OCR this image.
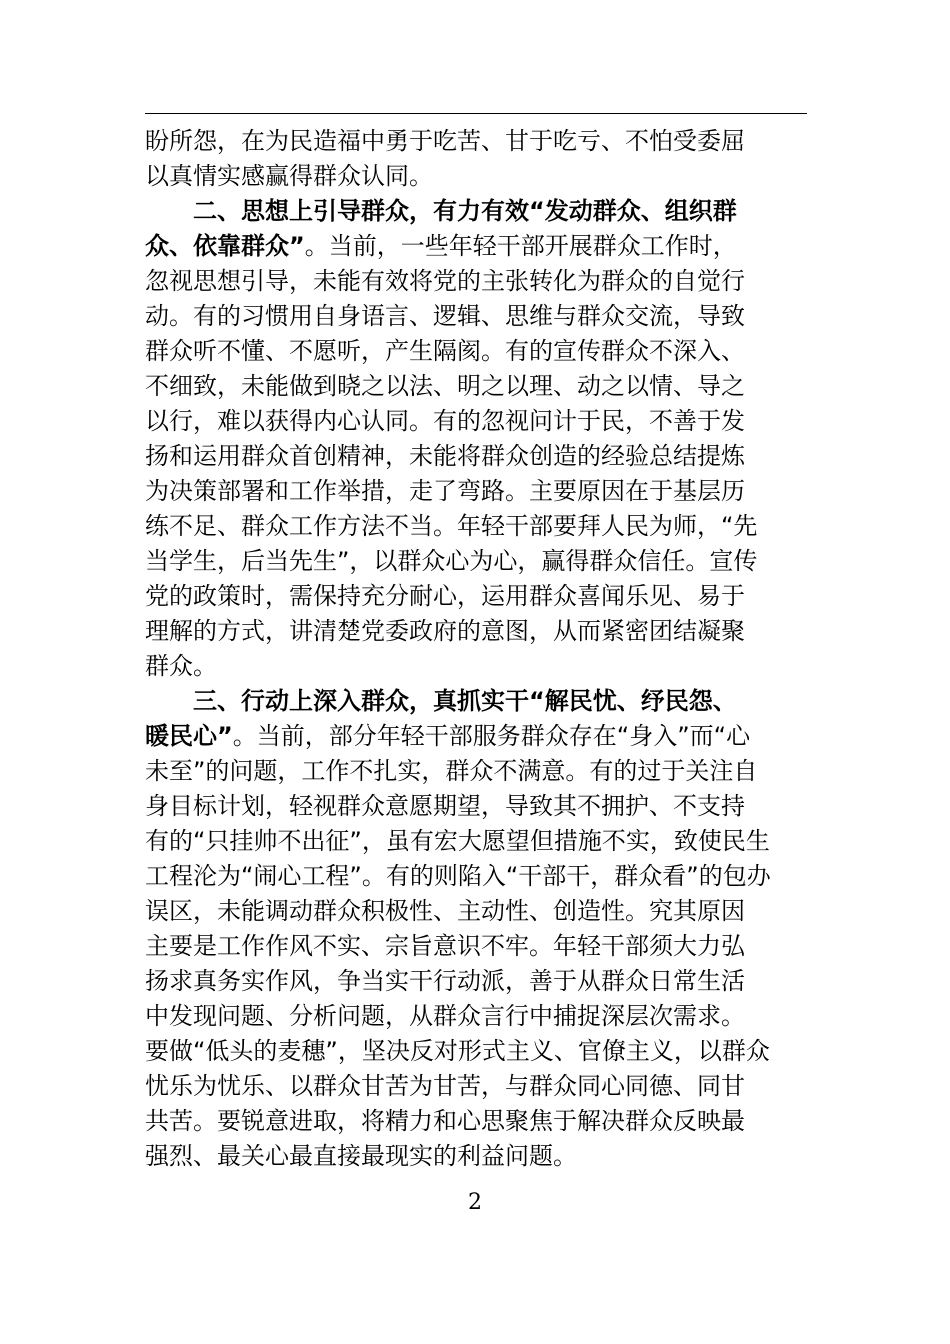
盼所怨，在为民造福中勇于吃苦、甘于吃亏、不怕受委屈
以真情实感赢得群众认同。
二、思想上引导群众，有力有效“发动群众、组织群
众、依靠群众”。当前，一些年轻干部开展群众工作时，
忽视思想引导，未能有效将党的主张转化为群众的自觉行
动。有的习惯用自身语言、逻辑、思维与群众交流，导致
群众听不懂、不愿听，产生隔阂。有的宣传群众不深入、
不细致，未能做到晓之以法、明之以理、动之以情、导之
以行，难以获得内心认同。有的忽视问计于民，不善于发
扬和运用群众首创精神，未能将群众创造的经验总结提炼
为决策部署和工作举措，走了弯路。主要原因在于基层历
练不足、群众工作方法不当。年轻干部要拜人民为师，“先
当学生，后当先生”，以群众心为心，赢得群众信任。宣传
党的政策时，需保持充分耐心，运用群众喜闻乐见、易于
理解的方式，讲清楚党委政府的意图，从而紧密团结凝聚
群众。
三、行动上深入群众，真抓实干“解民忧、纾民怨、
暖民心”。当前，部分年轻干部服务群众存在“身入”而“心
未至”的问题，工作不扎实，群众不满意。有的过于关注自
身目标计划，轻视群众意愿期望，导致其不拥护、不支持
有的“只挂帅不出征”，虽有宏大愿望但措施不实，致使民生
工程沦为“闹心工程”。有的则陷入“干部干，群众看”的包办
误区，未能调动群众积极性、主动性、创造性。究其原因
主要是工作作风不实、宗旨意识不牢。年轻干部须大力弘
扬求真务实作风，争当实干行动派，善于从群众日常生活
中发现问题、分析问题，从群众言行中捕捉深层次需求。
要做“低头的麦穗”，坚决反对形式主义、官僚主义，以群众
忧乐为忧乐、以群众甘苦为甘苦，与群众同心同德、同甘
共苦。要锐意进取，将精力和心思聚焦于解决群众反映最
强烈、最关心最直接最现实的利益问题。
2
